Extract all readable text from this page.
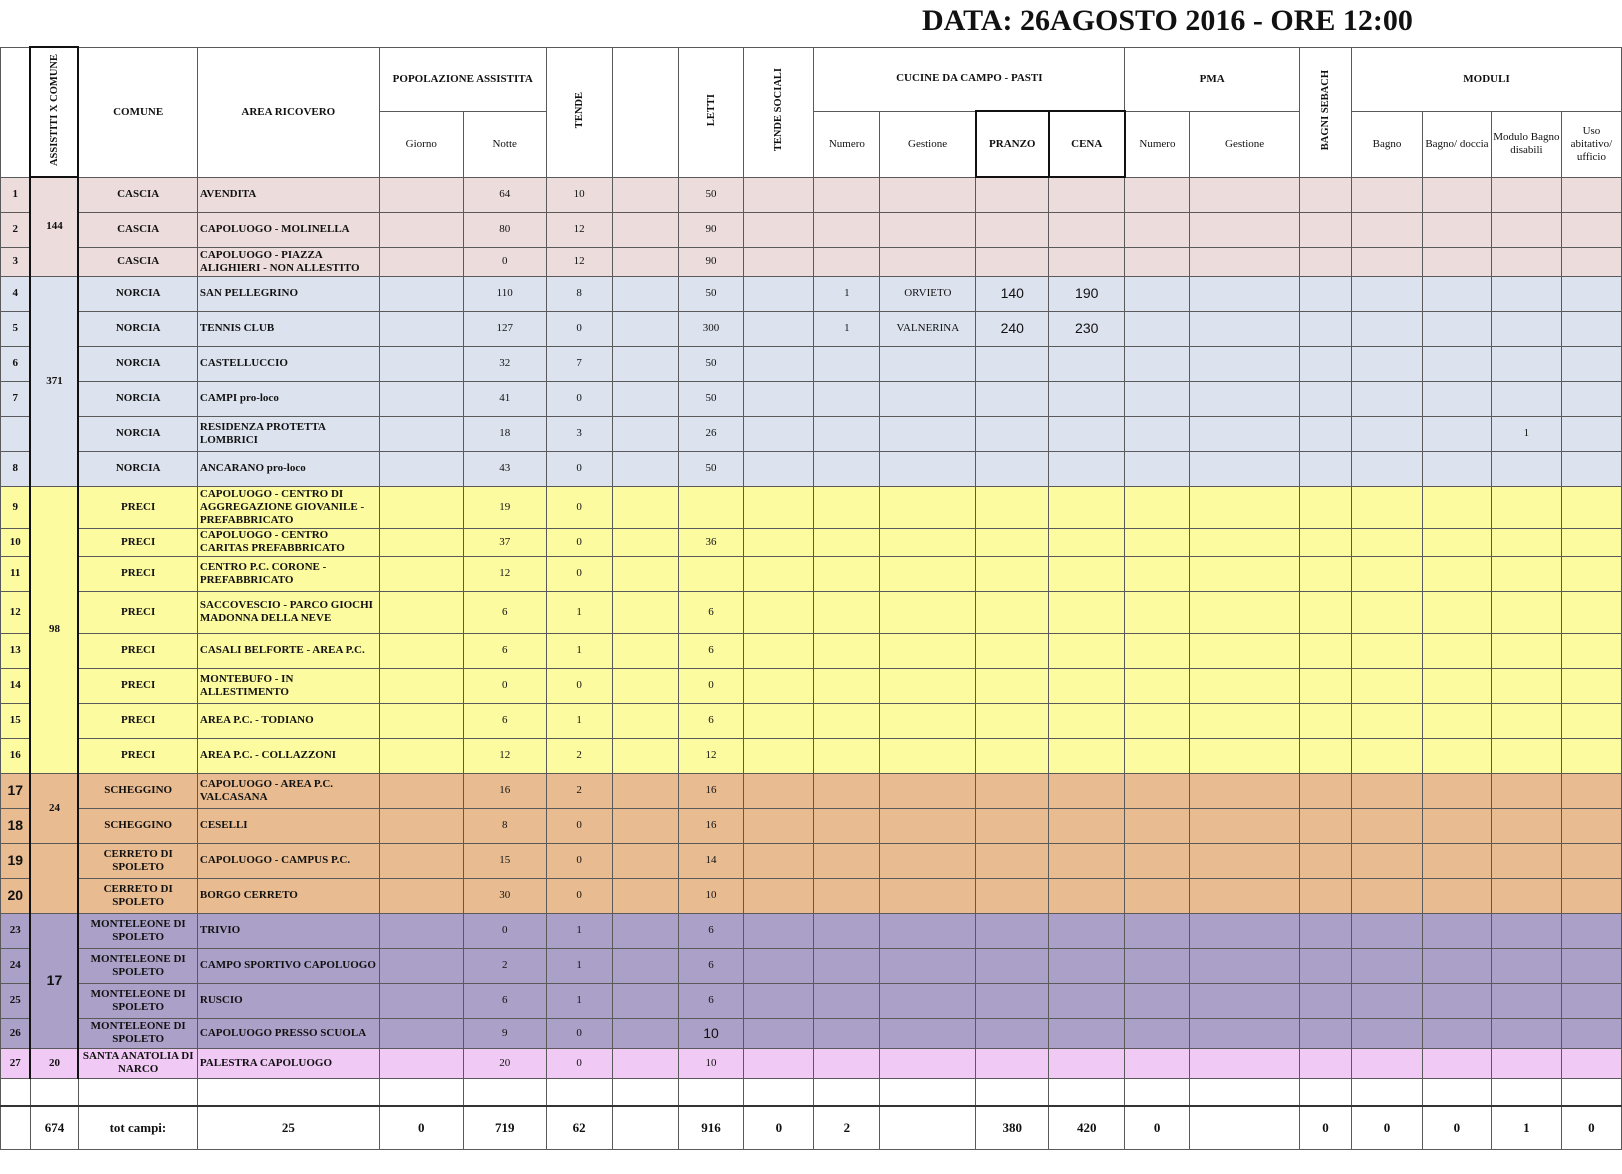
DATA: 26AGOSTO 2016 - ORE 12:00
	ASSISTITI X COMUNE	COMUNE	AREA RICOVERO	POPOLAZIONE ASSISTITA		TENDE		LETTI	TENDE SOCIALI	CUCINE DA CAMPO - PASTI				PMA		BAGNI SEBACH	MODULI			
				Giorno	Notte					Numero	Gestione	PRANZO	CENA	Numero	Gestione		Bagno	Bagno/ doccia	Modulo Bagno disabili	Uso abitativo/ ufficio
1	144	CASCIA	AVENDITA		64	10		50												
2		CASCIA	CAPOLUOGO - MOLINELLA		80	12		90												
3		CASCIA	CAPOLUOGO - PIAZZA ALIGHIERI - NON ALLESTITO		0	12		90												
4	371	NORCIA	SAN PELLEGRINO		110	8		50		1	ORVIETO	140	190							
5		NORCIA	TENNIS CLUB		127	0		300		1	VALNERINA	240	230							
6		NORCIA	CASTELLUCCIO		32	7		50												
7		NORCIA	CAMPI pro-loco		41	0		50												
		NORCIA	RESIDENZA PROTETTA LOMBRICI		18	3		26											1	
8		NORCIA	ANCARANO pro-loco		43	0		50												
9	98	PRECI	CAPOLUOGO - CENTRO DI AGGREGAZIONE GIOVANILE - PREFABBRICATO		19	0														
10		PRECI	CAPOLUOGO - CENTRO CARITAS PREFABBRICATO		37	0		36												
11		PRECI	CENTRO P.C. CORONE - PREFABBRICATO		12	0														
12		PRECI	SACCOVESCIO - PARCO GIOCHI MADONNA DELLA NEVE		6	1		6												
13		PRECI	CASALI BELFORTE - AREA P.C.		6	1		6												
14		PRECI	MONTEBUFO - IN ALLESTIMENTO		0	0		0												
15		PRECI	AREA P.C. - TODIANO		6	1		6												
16		PRECI	AREA P.C. - COLLAZZONI		12	2		12												
17	24	SCHEGGINO	CAPOLUOGO - AREA P.C. VALCASANA		16	2		16												
18		SCHEGGINO	CESELLI		8	0		16												
19		CERRETO DI SPOLETO	CAPOLUOGO - CAMPUS P.C.		15	0		14												
20		CERRETO DI SPOLETO	BORGO CERRETO		30	0		10												
23	17	MONTELEONE DI SPOLETO	TRIVIO		0	1		6												
24		MONTELEONE DI SPOLETO	CAMPO SPORTIVO CAPOLUOGO		2	1		6												
25		MONTELEONE DI SPOLETO	RUSCIO		6	1		6												
26		MONTELEONE DI SPOLETO	CAPOLUOGO PRESSO SCUOLA		9	0		10												
27	20	SANTA ANATOLIA DI NARCO	PALESTRA CAPOLUOGO		20	0		10												

	674	tot campi:	25	0	719	62		916	0	2		380	420	0		0	0	0	1	0
